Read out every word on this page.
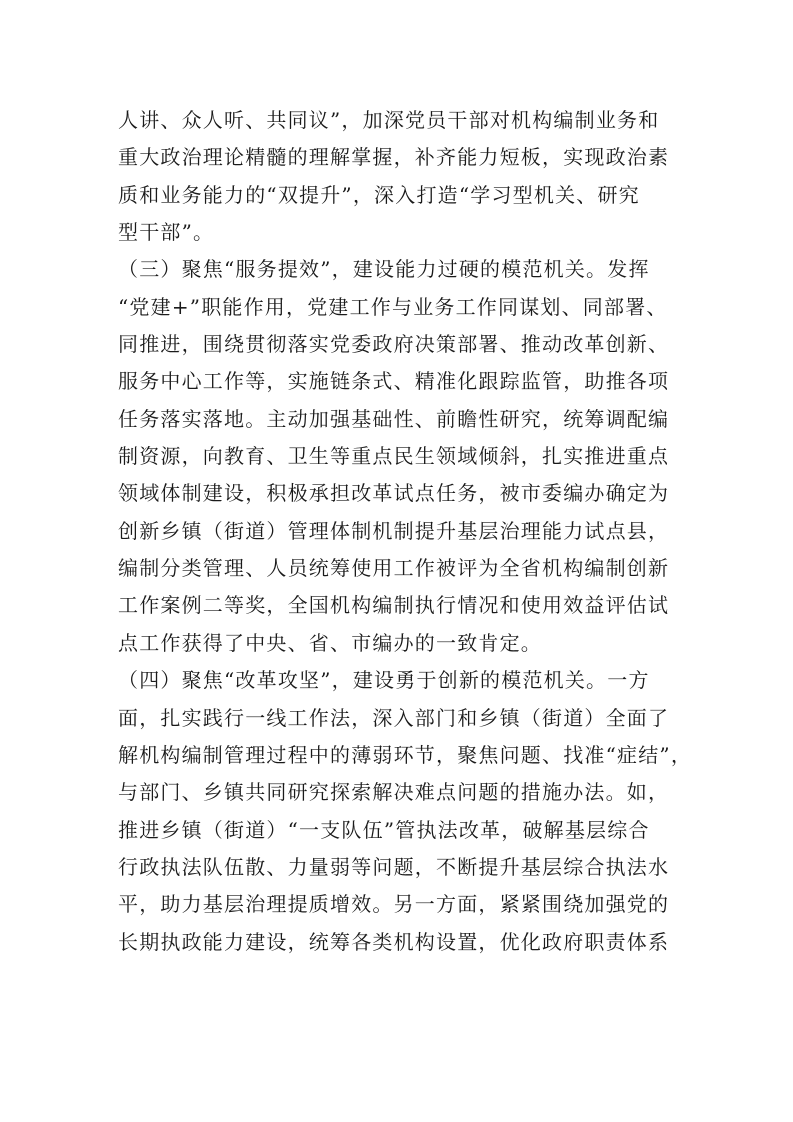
人讲、众人听、共同议”，加深党员干部对机构编制业务和
重大政治理论精髓的理解掌握，补齐能力短板，实现政治素
质和业务能力的“双提升”，深入打造“学习型机关、研究
型干部”。
（三）聚焦“服务提效”，建设能力过硬的模范机关。发挥
“党建+”职能作用，党建工作与业务工作同谋划、同部署、
同推进，围绕贯彻落实党委政府决策部署、推动改革创新、
服务中心工作等，实施链条式、精准化跟踪监管，助推各项
任务落实落地。主动加强基础性、前瞻性研究，统筹调配编
制资源，向教育、卫生等重点民生领域倾斜，扎实推进重点
领域体制建设，积极承担改革试点任务，被市委编办确定为
创新乡镇（街道）管理体制机制提升基层治理能力试点县，
编制分类管理、人员统筹使用工作被评为全省机构编制创新
工作案例二等奖，全国机构编制执行情况和使用效益评估试
点工作获得了中央、省、市编办的一致肯定。
（四）聚焦“改革攻坚”，建设勇于创新的模范机关。一方
面，扎实践行一线工作法，深入部门和乡镇（街道）全面了
解机构编制管理过程中的薄弱环节，聚焦问题、找准“症结”，
与部门、乡镇共同研究探索解决难点问题的措施办法。如，
推进乡镇（街道）“一支队伍”管执法改革，破解基层综合
行政执法队伍散、力量弱等问题，不断提升基层综合执法水
平，助力基层治理提质增效。另一方面，紧紧围绕加强党的
长期执政能力建设，统筹各类机构设置，优化政府职责体系
